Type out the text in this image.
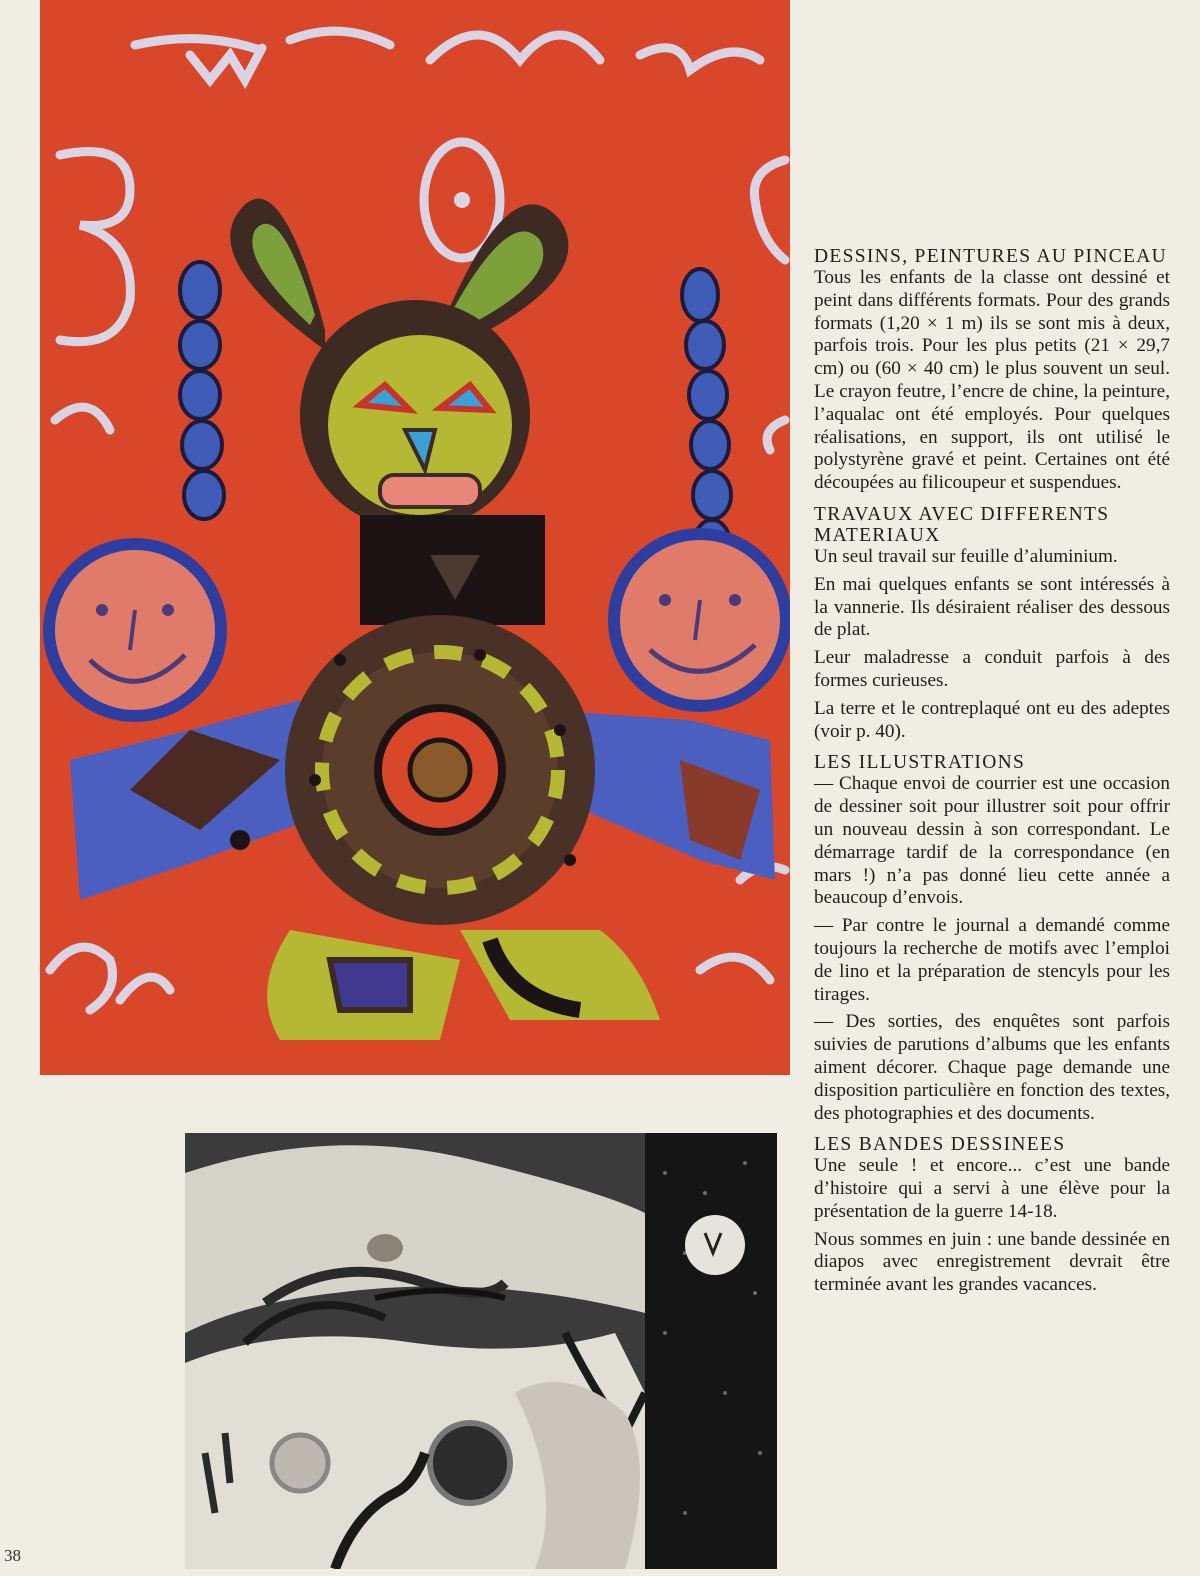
DESSINS, PEINTURES AU PINCEAU

Tous les enfants de la classe ont dessiné et peint dans différents formats. Pour des grands formats (1,20 × 1 m) ils se sont mis à deux, parfois trois. Pour les plus petits (21 × 29,7 cm) ou (60 × 40 cm) le plus souvent un seul. Le crayon feutre, l’encre de chine, la peinture, l’aqualac ont été employés. Pour quelques réalisations, en support, ils ont utilisé le polystyrène gravé et peint. Certaines ont été découpées au filicoupeur et suspendues.

TRAVAUX AVEC DIFFERENTS MATERIAUX

Un seul travail sur feuille d’aluminium.

En mai quelques enfants se sont intéressés à la vannerie. Ils désiraient réaliser des dessous de plat.

Leur maladresse a conduit parfois à des formes curieuses.

La terre et le contreplaqué ont eu des adeptes (voir p. 40).

LES ILLUSTRATIONS

— Chaque envoi de courrier est une occasion de dessiner soit pour illustrer soit pour offrir un nouveau dessin à son correspondant. Le démarrage tardif de la correspondance (en mars !) n’a pas donné lieu cette année a beaucoup d’envois.

— Par contre le journal a demandé comme toujours la recherche de motifs avec l’emploi de lino et la préparation de stencyls pour les tirages.

— Des sorties, des enquêtes sont parfois suivies de parutions d’albums que les enfants aiment décorer. Chaque page demande une disposition particulière en fonction des textes, des photographies et des documents.

LES BANDES DESSINEES

Une seule ! et encore... c’est une bande d’histoire qui a servi à une élève pour la présentation de la guerre 14-18.

Nous sommes en juin : une bande dessinée en diapos avec enregistrement devrait être terminée avant les grandes vacances.

38
